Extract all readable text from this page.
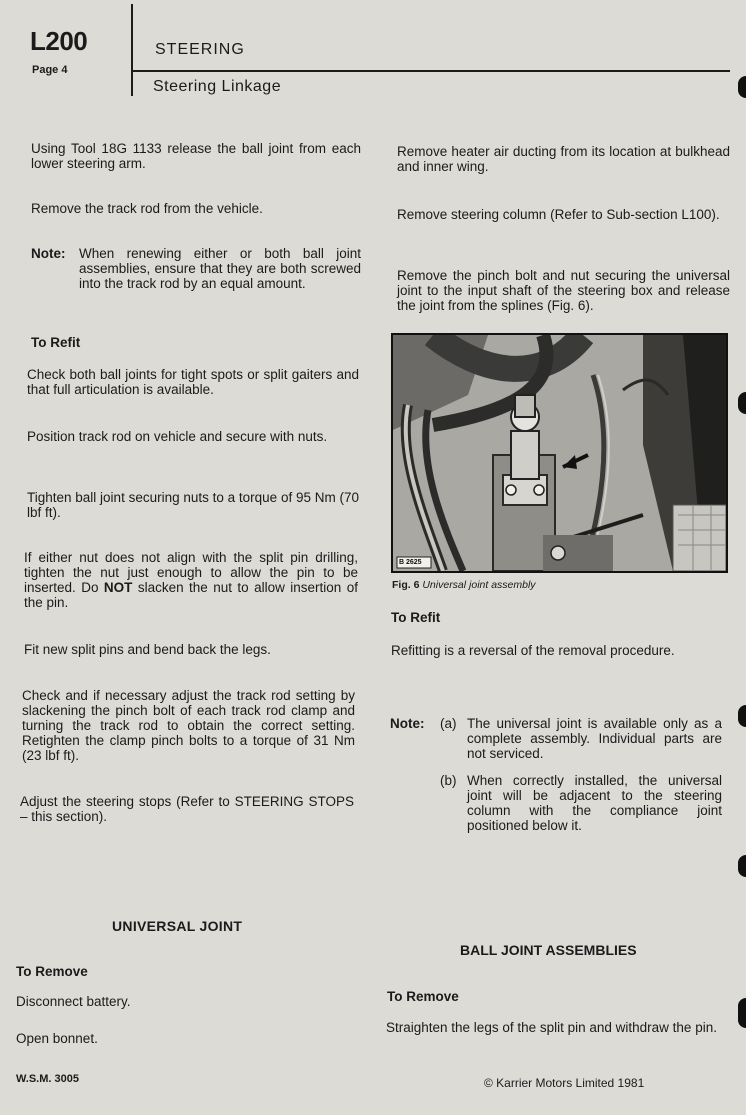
L200
Page 4
STEERING
Steering Linkage
Using Tool 18G 1133 release the ball joint from each lower steering arm.
Remove the track rod from the vehicle.
Note: When renewing either or both ball joint assemblies, ensure that they are both screwed into the track rod by an equal amount.
To Refit
Check both ball joints for tight spots or split gaiters and that full articulation is available.
Position track rod on vehicle and secure with nuts.
Tighten ball joint securing nuts to a torque of 95 Nm (70 lbf ft).
If either nut does not align with the split pin drilling, tighten the nut just enough to allow the pin to be inserted. Do NOT slacken the nut to allow insertion of the pin.
Fit new split pins and bend back the legs.
Check and if necessary adjust the track rod setting by slackening the pinch bolt of each track rod clamp and turning the track rod to obtain the correct setting. Retighten the clamp pinch bolts to a torque of 31 Nm (23 lbf ft).
Adjust the steering stops (Refer to STEERING STOPS – this section).
UNIVERSAL JOINT
To Remove
Disconnect battery.
Open bonnet.
Remove heater air ducting from its location at bulkhead and inner wing.
Remove steering column (Refer to Sub-section L100).
Remove the pinch bolt and nut securing the universal joint to the input shaft of the steering box and release the joint from the splines (Fig. 6).
B 2625
Fig. 6 Universal joint assembly
To Refit
Refitting is a reversal of the removal procedure.
Note: (a) The universal joint is available only as a complete assembly. Individual parts are not serviced.
(b) When correctly installed, the universal joint will be adjacent to the steering column with the compliance joint positioned below it.
BALL JOINT ASSEMBLIES
To Remove
Straighten the legs of the split pin and withdraw the pin.
W.S.M. 3005	© Karrier Motors Limited 1981
